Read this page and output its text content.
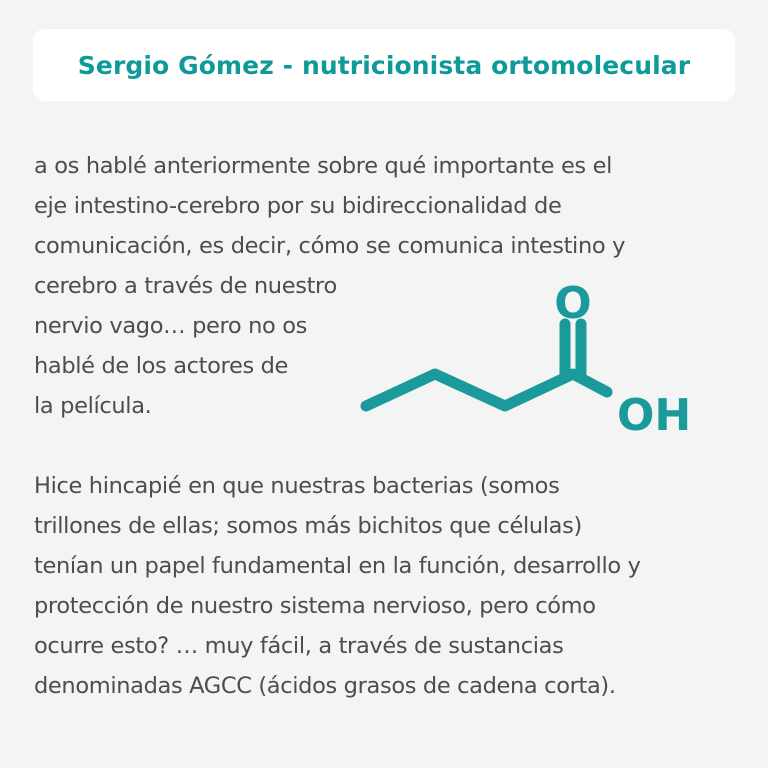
Sergio Gómez - nutricionista ortomolecular
a os hablé anteriormente sobre qué importante es el
eje intestino-cerebro por su bidireccionalidad de
comunicación, es decir, cómo se comunica intestino y
cerebro a través de nuestro
nervio vago… pero no os
hablé de los actores de
la película.
O
OH
Hice hincapié en que nuestras bacterias (somos
trillones de ellas; somos más bichitos que células)
tenían un papel fundamental en la función, desarrollo y
protección de nuestro sistema nervioso, pero cómo
ocurre esto? … muy fácil, a través de sustancias
denominadas AGCC (ácidos grasos de cadena corta).
